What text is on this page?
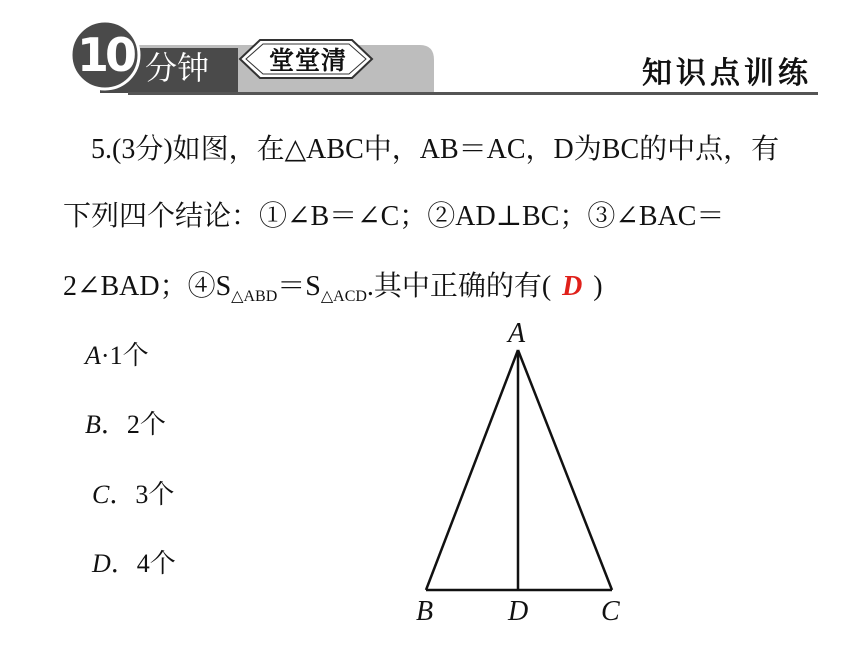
10 分钟	堂堂清	知识点训练
5.(3分)如图，在△ABC中，AB＝AC，D为BC的中点，有
下列四个结论：①∠B＝∠C；②AD⊥BC；③∠BAC＝
2∠BAD；$④S_{\triangle ABD}=S_{\triangle ACD}$.其中正确的有( D )
A·1个
B．2个
C．3个
D．4个
A
B	D	C
